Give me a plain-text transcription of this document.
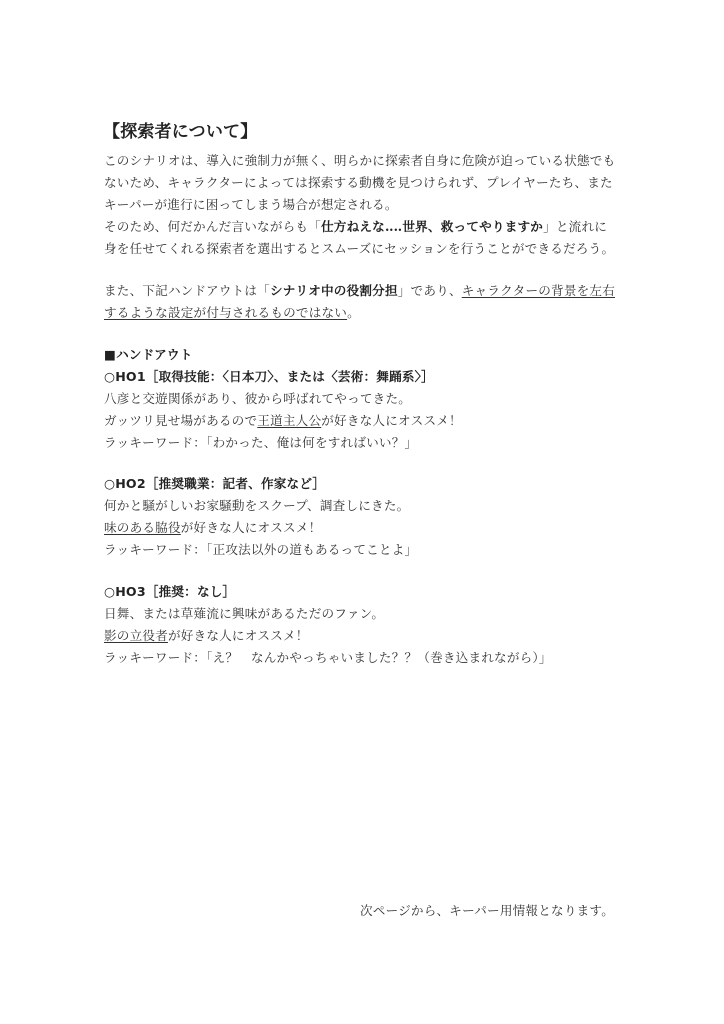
【探索者について】
このシナリオは、導入に強制力が無く、明らかに探索者自身に危険が迫っている状態でも
ないため、キャラクターによっては探索する動機を見つけられず、プレイヤーたち、また
キーパーが進行に困ってしまう場合が想定される。
そのため、何だかんだ言いながらも「仕方ねえな‥‥世界、救ってやりますか」と流れに
身を任せてくれる探索者を選出するとスムーズにセッションを行うことができるだろう。
また、下記ハンドアウトは「シナリオ中の役割分担」であり、キャラクターの背景を左右
するような設定が付与されるものではない。
■ハンドアウト
○HO1［取得技能：〈日本刀〉、または〈芸術：舞踊系〉］
八彦と交遊関係があり、彼から呼ばれてやってきた。
ガッツリ見せ場があるので王道主人公が好きな人にオススメ！
ラッキーワード：「わかった、俺は何をすればいい？」
○HO2［推奨職業：記者、作家など］
何かと騒がしいお家騒動をスクープ、調査しにきた。
味のある脇役が好きな人にオススメ！
ラッキーワード：「正攻法以外の道もあるってことよ」
○HO3［推奨：なし］
日舞、または草薙流に興味があるただのファン。
影の立役者が好きな人にオススメ！
ラッキーワード：「え？　なんかやっちゃいました？？（巻き込まれながら）」
次ページから、キーパー用情報となります。
